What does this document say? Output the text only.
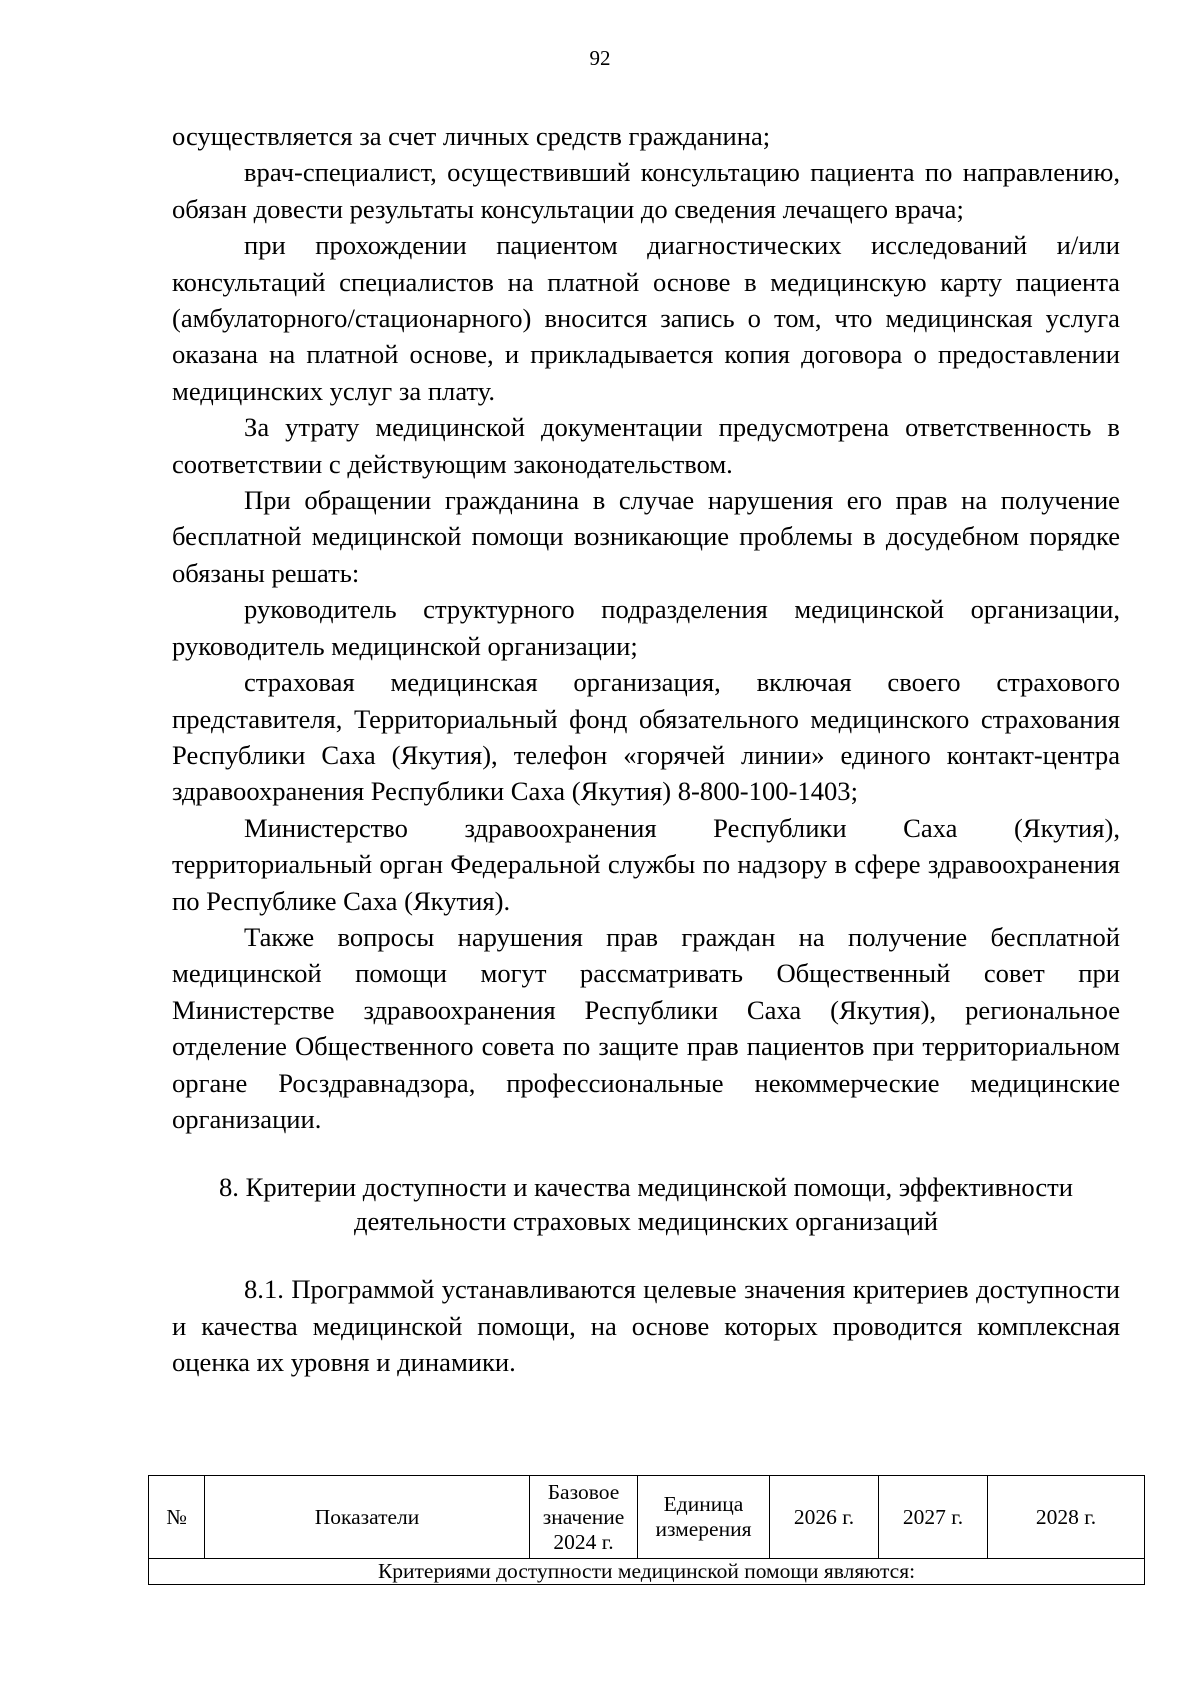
92

осуществляется за счет личных средств гражданина;

врач-специалист, осуществивший консультацию пациента по направлению, обязан довести результаты консультации до сведения лечащего врача;

при прохождении пациентом диагностических исследований и/или консультаций специалистов на платной основе в медицинскую карту пациента (амбулаторного/стационарного) вносится запись о том, что медицинская услуга оказана на платной основе, и прикладывается копия договора о предоставлении медицинских услуг за плату.

За утрату медицинской документации предусмотрена ответственность в соответствии с действующим законодательством.

При обращении гражданина в случае нарушения его прав на получение бесплатной медицинской помощи возникающие проблемы в досудебном порядке обязаны решать:

руководитель структурного подразделения медицинской организации, руководитель медицинской организации;

страховая медицинская организация, включая своего страхового представителя, Территориальный фонд обязательного медицинского страхования Республики Саха (Якутия), телефон «горячей линии» единого контакт-центра здравоохранения Республики Саха (Якутия) 8-800-100-1403;

Министерство здравоохранения Республики Саха (Якутия), территориальный орган Федеральной службы по надзору в сфере здравоохранения по Республике Саха (Якутия).

Также вопросы нарушения прав граждан на получение бесплатной медицинской помощи могут рассматривать Общественный совет при Министерстве здравоохранения Республики Саха (Якутия), региональное отделение Общественного совета по защите прав пациентов при территориальном органе Росздравнадзора, профессиональные некоммерческие медицинские организации.

8. Критерии доступности и качества медицинской помощи, эффективности
деятельности страховых медицинских организаций

8.1. Программой устанавливаются целевые значения критериев доступности и качества медицинской помощи, на основе которых проводится комплексная оценка их уровня и динамики.

№	Показатели	Базовое значение 2024 г.	Единица измерения	2026 г.	2027 г.	2028 г.
Критериями доступности медицинской помощи являются:
